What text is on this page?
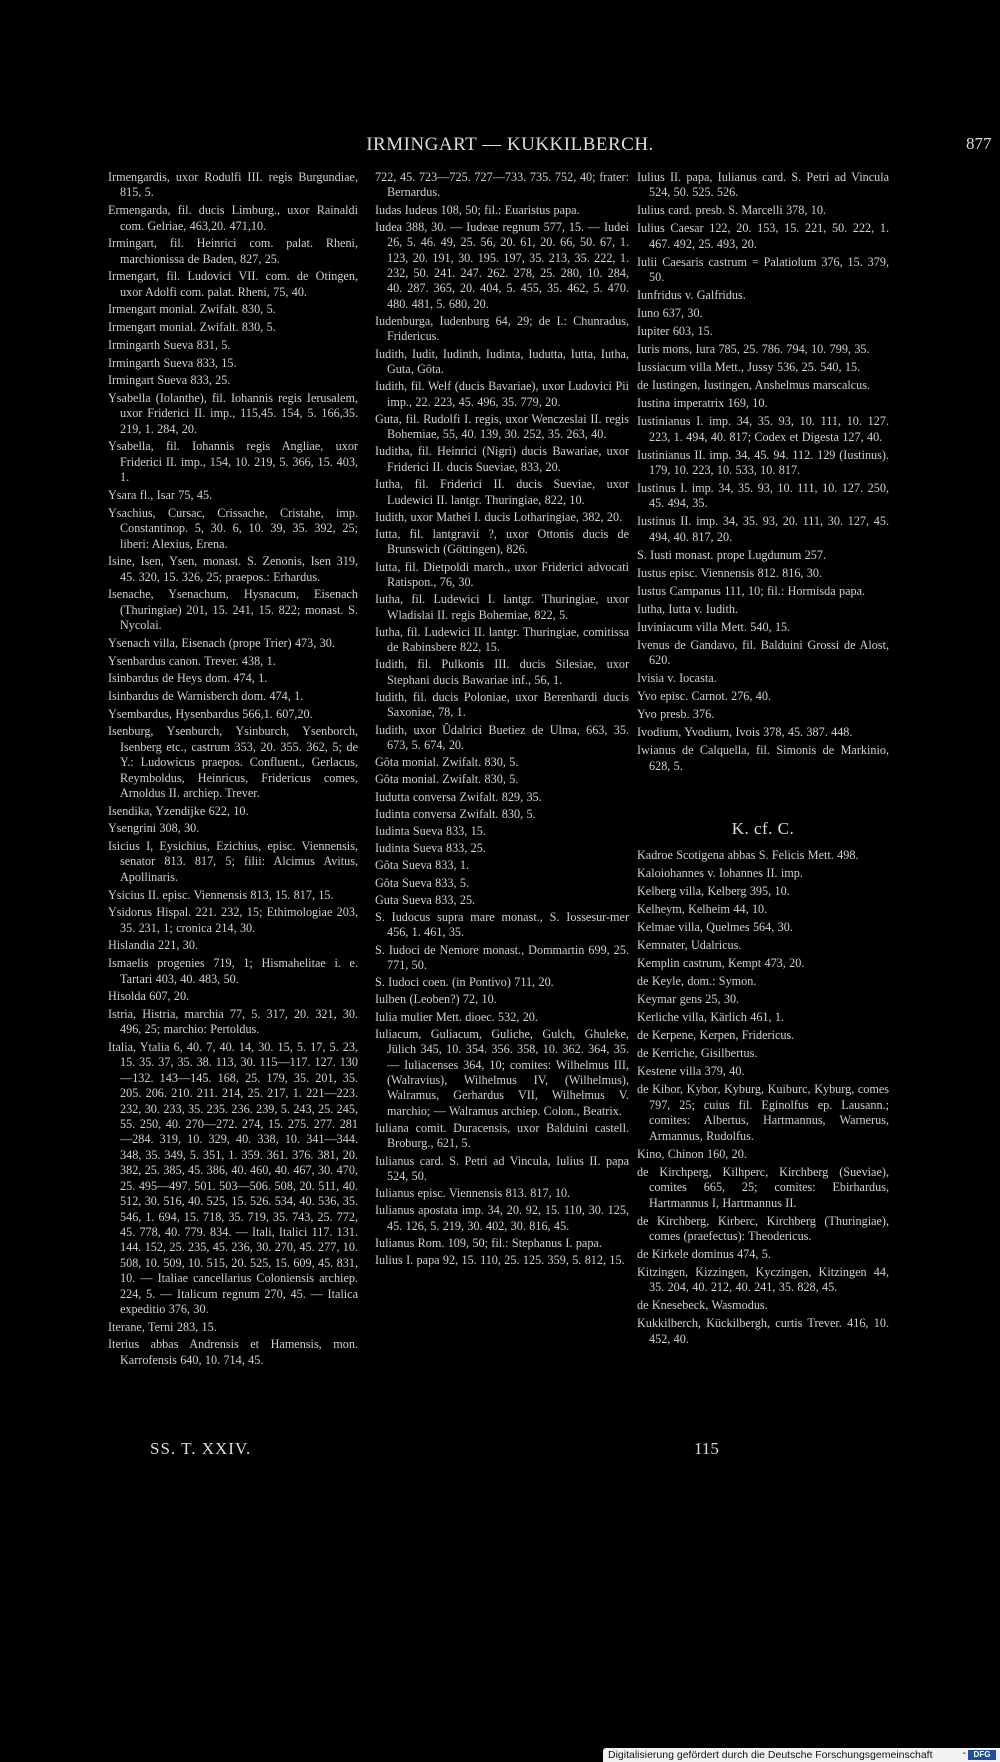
IRMINGART — KUKKILBERCH.	877

Irmengardis, uxor Rodulfi III. regis Burgundiae, 815, 5.

Ermengarda, fil. ducis Limburg., uxor Rainaldi com. Gelriae, 463,20. 471,10.

Irmingart, fil. Heinrici com. palat. Rheni, marchionissa de Baden, 827, 25.

Irmengart, fil. Ludovici VII. com. de Otingen, uxor Adolfi com. palat. Rheni, 75, 40.

Irmengart monial. Zwifalt. 830, 5.

Irmengart monial. Zwifalt. 830, 5.

Irmingarth Sueva 831, 5.

Irmingarth Sueva 833, 15.

Irmingart Sueva 833, 25.

Ysabella (Iolanthe), fil. Iohannis regis Ierusalem, uxor Friderici II. imp., 115,45. 154, 5. 166,35. 219, 1. 284, 20.

Ysabella, fil. Iohannis regis Angliae, uxor Friderici II. imp., 154, 10. 219, 5. 366, 15. 403, 1.

Ysara fl., Isar 75, 45.

Ysachius, Cursac, Crissache, Cristahe, imp. Constantinop. 5, 30. 6, 10. 39, 35. 392, 25; liberi: Alexius, Erena.

Isine, Isen, Ysen, monast. S. Zenonis, Isen 319, 45. 320, 15. 326, 25; praepos.: Erhardus.

Isenache, Ysenachum, Hysnacum, Eisenach (Thuringiae) 201, 15. 241, 15. 822; monast. S. Nycolai.

Ysenach villa, Eisenach (prope Trier) 473, 30.

Ysenbardus canon. Trever. 438, 1.

Isinbardus de Heys dom. 474, 1.

Isinbardus de Warnisberch dom. 474, 1.

Ysembardus, Hysenbardus 566,1. 607,20.

Isenburg, Ysenburch, Ysinburch, Ysenborch, Isenberg etc., castrum 353, 20. 355. 362, 5; de Y.: Ludowicus praepos. Confluent., Gerlacus, Reymboldus, Heinricus, Fridericus comes, Arnoldus II. archiep. Trever.

Isendika, Yzendijke 622, 10.

Ysengrini 308, 30.

Isicius I, Eysichius, Ezichius, episc. Viennensis, senator 813. 817, 5; filii: Alcimus Avitus, Apollinaris.

Ysicius II. episc. Viennensis 813, 15. 817, 15.

Ysidorus Hispal. 221. 232, 15; Ethimologiae 203, 35. 231, 1; cronica 214, 30.

Hislandia 221, 30.

Ismaelis progenies 719, 1; Hismahelitae i. e. Tartari 403, 40. 483, 50.

Hisolda 607, 20.

Istria, Histria, marchia 77, 5. 317, 20. 321, 30. 496, 25; marchio: Pertoldus.

Italia, Ytalia 6, 40. 7, 40. 14, 30. 15, 5. 17, 5. 23, 15. 35. 37, 35. 38. 113, 30. 115—117. 127. 130—132. 143—145. 168, 25. 179, 35. 201, 35. 205. 206. 210. 211. 214, 25. 217, 1. 221—223. 232, 30. 233, 35. 235. 236. 239, 5. 243, 25. 245, 55. 250, 40. 270—272. 274, 15. 275. 277. 281—284. 319, 10. 329, 40. 338, 10. 341—344. 348, 35. 349, 5. 351, 1. 359. 361. 376. 381, 20. 382, 25. 385, 45. 386, 40. 460, 40. 467, 30. 470, 25. 495—497. 501. 503—506. 508, 20. 511, 40. 512, 30. 516, 40. 525, 15. 526. 534, 40. 536, 35. 546, 1. 694, 15. 718, 35. 719, 35. 743, 25. 772, 45. 778, 40. 779. 834. — Itali, Italici 117. 131. 144. 152, 25. 235, 45. 236, 30. 270, 45. 277, 10. 508, 10. 509, 10. 515, 20. 525, 15. 609, 45. 831, 10. — Italiae cancellarius Coloniensis archiep. 224, 5. — Italicum regnum 270, 45. — Italica expeditio 376, 30.

Iterane, Terni 283, 15.

Iterius abbas Andrensis et Hamensis, mon. Karrofensis 640, 10. 714, 45.

722, 45. 723—725. 727—733. 735. 752, 40; frater: Bernardus.

Iudas Iudeus 108, 50; fil.: Euaristus papa.

Iudea 388, 30. — Iudeae regnum 577, 15. — Iudei 26, 5. 46. 49, 25. 56, 20. 61, 20. 66, 50. 67, 1. 123, 20. 191, 30. 195. 197, 35. 213, 35. 222, 1. 232, 50. 241. 247. 262. 278, 25. 280, 10. 284, 40. 287. 365, 20. 404, 5. 455, 35. 462, 5. 470. 480. 481, 5. 680, 20.

Iudenburga, Iudenburg 64, 29; de I.: Chunradus, Fridericus.

Iudith, Iudit, Iudinth, Iudinta, Iudutta, Iutta, Iutha, Guta, Gôta.

Iudith, fil. Welf (ducis Bavariae), uxor Ludovici Pii imp., 22. 223, 45. 496, 35. 779, 20.

Guta, fil. Rudolfi I. regis, uxor Wenczeslai II. regis Bohemiae, 55, 40. 139, 30. 252, 35. 263, 40.

Iuditha, fil. Heinrici (Nigri) ducis Bawariae, uxor Friderici II. ducis Sueviae, 833, 20.

Iutha, fil. Friderici II. ducis Sueviae, uxor Ludewici II. lantgr. Thuringiae, 822, 10.

Iudith, uxor Mathei I. ducis Lotharingiae, 382, 20.

Iutta, fil. lantgravii ?, uxor Ottonis ducis de Brunswich (Göttingen), 826.

Iutta, fil. Dietpoldi march., uxor Friderici advocati Ratispon., 76, 30.

Iutha, fil. Ludewici I. lantgr. Thuringiae, uxor Wladislai II. regis Bohemiae, 822, 5.

Iutha, fil. Ludewici II. lantgr. Thuringiae, comitissa de Rabinsbere 822, 15.

Iudith, fil. Pulkonis III. ducis Silesiae, uxor Stephani ducis Bawariae inf., 56, 1.

Iudith, fil. ducis Poloniae, uxor Berenhardi ducis Saxoniae, 78, 1.

Iudith, uxor Ûdalrici Buetiez de Ulma, 663, 35. 673, 5. 674, 20.

Gôta monial. Zwifalt. 830, 5.

Gôta monial. Zwifalt. 830, 5.

Iudutta conversa Zwifalt. 829, 35.

Iudinta conversa Zwifalt. 830, 5.

Iudinta Sueva 833, 15.

Iudinta Sueva 833, 25.

Gôta Sueva 833, 1.

Gôta Sueva 833, 5.

Guta Sueva 833, 25.

S. Iudocus supra mare monast., S. Iossesur-mer 456, 1. 461, 35.

S. Iudoci de Nemore monast., Dommartin 699, 25. 771, 50.

S. Iudoci coen. (in Pontivo) 711, 20.

Iulben (Leoben?) 72, 10.

Iulia mulier Mett. dioec. 532, 20.

Iuliacum, Guliacum, Guliche, Gulch, Ghuleke, Jülich 345, 10. 354. 356. 358, 10. 362. 364, 35. — Iuliacenses 364, 10; comites: Wilhelmus III, (Walravius), Wilhelmus IV, (Wilhelmus), Walramus, Gerhardus VII, Wilhelmus V. marchio; — Walramus archiep. Colon., Beatrix.

Iuliana comit. Duracensis, uxor Balduini castell. Broburg., 621, 5.

Iulianus card. S. Petri ad Vincula, Iulius II. papa 524, 50.

Iulianus episc. Viennensis 813. 817, 10.

Iulianus apostata imp. 34, 20. 92, 15. 110, 30. 125, 45. 126, 5. 219, 30. 402, 30. 816, 45.

Iulianus Rom. 109, 50; fil.: Stephanus I. papa.

Iulius I. papa 92, 15. 110, 25. 125. 359, 5. 812, 15.

Iulius II. papa, Iulianus card. S. Petri ad Vincula 524, 50. 525. 526.

Iulius card. presb. S. Marcelli 378, 10.

Iulius Caesar 122, 20. 153, 15. 221, 50. 222, 1. 467. 492, 25. 493, 20.

Iulii Caesaris castrum = Palatiolum 376, 15. 379, 50.

Iunfridus v. Galfridus.

Iuno 637, 30.

Iupiter 603, 15.

Iuris mons, Iura 785, 25. 786. 794, 10. 799, 35.

Iussiacum villa Mett., Jussy 536, 25. 540, 15.

de Iustingen, Iustingen, Anshelmus marscalcus.

Iustina imperatrix 169, 10.

Iustinianus I. imp. 34, 35. 93, 10. 111, 10. 127. 223, 1. 494, 40. 817; Codex et Digesta 127, 40.

Iustinianus II. imp. 34, 45. 94. 112. 129 (Iustinus). 179, 10. 223, 10. 533, 10. 817.

Iustinus I. imp. 34, 35. 93, 10. 111, 10. 127. 250, 45. 494, 35.

Iustinus II. imp. 34, 35. 93, 20. 111, 30. 127, 45. 494, 40. 817, 20.

S. Iusti monast. prope Lugdunum 257.

Iustus episc. Viennensis 812. 816, 30.

Iustus Campanus 111, 10; fil.: Hormisda papa.

Iutha, Iutta v. Iudith.

Iuviniacum villa Mett. 540, 15.

Ivenus de Gandavo, fil. Balduini Grossi de Alost, 620.

Ivisia v. Iocasta.

Yvo episc. Carnot. 276, 40.

Yvo presb. 376.

Ivodium, Yvodium, Ivois 378, 45. 387. 448.

Iwianus de Calquella, fil. Simonis de Markinio, 628, 5.

K. cf. C.

Kadroe Scotigena abbas S. Felicis Mett. 498.

Kaloiohannes v. Iohannes II. imp.

Kelberg villa, Kelberg 395, 10.

Kelheym, Kelheim 44, 10.

Kelmae villa, Quelmes 564, 30.

Kemnater, Udalricus.

Kemplin castrum, Kempt 473, 20.

de Keyle, dom.: Symon.

Keymar gens 25, 30.

Kerliche villa, Kärlich 461, 1.

de Kerpene, Kerpen, Fridericus.

de Kerriche, Gisilbertus.

Kestene villa 379, 40.

de Kibor, Kybor, Kyburg, Kuiburc, Kyburg, comes 797, 25; cuius fil. Eginolfus ep. Lausann.; comites: Albertus, Hartmannus, Warnerus, Armannus, Rudolfus.

Kino, Chinon 160, 20.

de Kirchperg, Kilhperc, Kirchberg (Sueviae), comites 665, 25; comites: Ebirhardus, Hartmannus I, Hartmannus II.

de Kirchberg, Kirberc, Kirchberg (Thuringiae), comes (praefectus): Theodericus.

de Kirkele dominus 474, 5.

Kitzingen, Kizzingen, Kyczingen, Kitzingen 44, 35. 204, 40. 212, 40. 241, 35. 828, 45.

de Knesebeck, Wasmodus.

Kukkilberch, Kückilbergh, curtis Trever. 416, 10. 452, 40.

SS. T. XXIV.	115
Digitalisierung gefördert durch die Deutsche Forschungsgemeinschaft	- DFG
